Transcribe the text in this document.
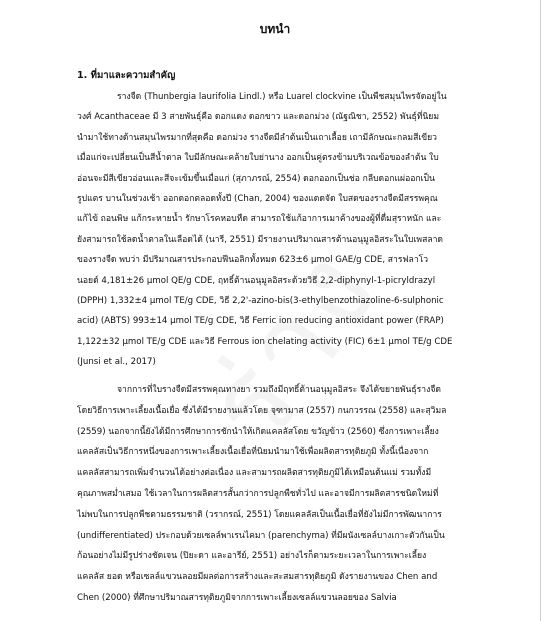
บทนำ
1. ที่มาและความสำคัญ
รางจืด (Thunbergia laurifolia Lindl.) หรือ Luarel clockvine เป็นพืชสมุนไพรจัดอยู่ใน
วงศ์ Acanthaceae มี 3 สายพันธุ์คือ ดอกแดง ดอกขาว และดอกม่วง (ณัฐณิชา, 2552) พันธุ์ที่นิยม
นำมาใช้ทางด้านสมุนไพรมากที่สุดคือ ดอกม่วง รางจืดมีลำต้นเป็นเถาเลื้อย เถามีลักษณะกลมสีเขียว
เมื่อแก่จะเปลี่ยนเป็นสีน้ำตาล ใบมีลักษณะคล้ายใบย่านาง ออกเป็นคู่ตรงข้ามบริเวณข้อของลำต้น ใบ
อ่อนจะมีสีเขียวอ่อนและสีจะเข้มขึ้นเมื่อแก่ (สุภาภรณ์, 2554) ดอกออกเป็นช่อ กลีบดอกแผ่ออกเป็น
รูปแตร บานในช่วงเช้า ออกดอกตลอดทั้งปี (Chan, 2004) ของแดดจัด ใบสดของรางจืดมีสรรพคุณ
แก้ไข้ ถอนพิษ แก้กระหายน้ำ รักษาโรคหอบหืด สามารถใช้แก้อาการเมาค้างของผู้ที่ดื่มสุราหนัก และ
ยังสามารถใช้ลดน้ำตาลในเลือดได้ (นารี, 2551) มีรายงานปริมาณสารต้านอนุมูลอิสระในใบเพสลาด
ของรางจืด พบว่า มีปริมาณสารประกอบฟีนอลิกทั้งหมด 623±6 μmol GAE/g CDE, สารฟลาโว
นอยด์ 4,181±26 μmol QE/g CDE, ฤทธิ์ต้านอนุมูลอิสระด้วยวิธี 2,2-diphynyl-1-picryldrazyl
(DPPH) 1,332±4 μmol TE/g CDE, วิธี 2,2'-azino-bis(3-ethylbenzothiazoline-6-sulphonic
acid) (ABTS) 993±14 μmol TE/g CDE, วิธี Ferric ion reducing antioxidant power (FRAP)
1,122±32 μmol TE/g CDE และวิธี Ferrous ion chelating activity (FIC) 6±1 μmol TE/g CDE
(Junsi et al., 2017)
จากการที่ใบรางจืดมีสรรพคุณทางยา รวมถึงมีฤทธิ์ต้านอนุมูลอิสระ จึงได้ขยายพันธุ์รางจืด
โดยวิธีการเพาะเลี้ยงเนื้อเยื่อ ซึ่งได้มีรายงานแล้วโดย จุฑามาส (2557) กนกวรรณ (2558) และสุวิมล
(2559) นอกจากนี้ยังได้มีการศึกษาการชักนำให้เกิดแคลลัสโดย ขวัญข้าว (2560) ซึ่งการเพาะเลี้ยง
แคลลัสเป็นวิธีการหนึ่งของการเพาะเลี้ยงเนื้อเยื่อที่นิยมนำมาใช้เพื่อผลิตสารทุติยภูมิ ทั้งนี้เนื่องจาก
แคลลัสสามารถเพิ่มจำนวนได้อย่างต่อเนื่อง และสามารถผลิตสารทุติยภูมิได้เหมือนต้นแม่ รวมทั้งมี
คุณภาพสม่ำเสมอ ใช้เวลาในการผลิตสารสั้นกว่าการปลูกพืชทั่วไป และอาจมีการผลิตสารชนิดใหม่ที่
ไม่พบในการปลูกพืชตามธรรมชาติ (วรากรณ์, 2551) โดยแคลลัสเป็นเนื้อเยื่อที่ยังไม่มีการพัฒนาการ
(undifferentiated) ประกอบด้วยเซลล์พาเรนไคมา (parenchyma) ที่มีผนังเซลล์บางเกาะตัวกันเป็น
ก้อนอย่างไม่มีรูปร่างชัดเจน (ปิยะดา และอารีย์, 2551) อย่างไรก็ตามระยะเวลาในการเพาะเลี้ยง
แคลลัส ยอด หรือเซลล์แขวนลอยมีผลต่อการสร้างและสะสมสารทุติยภูมิ ดังรายงานของ Chen and
Chen (2000) ที่ศึกษาปริมาณสารทุติยภูมิจากการเพาะเลี้ยงเซลล์แขวนลอยของ Salvia
